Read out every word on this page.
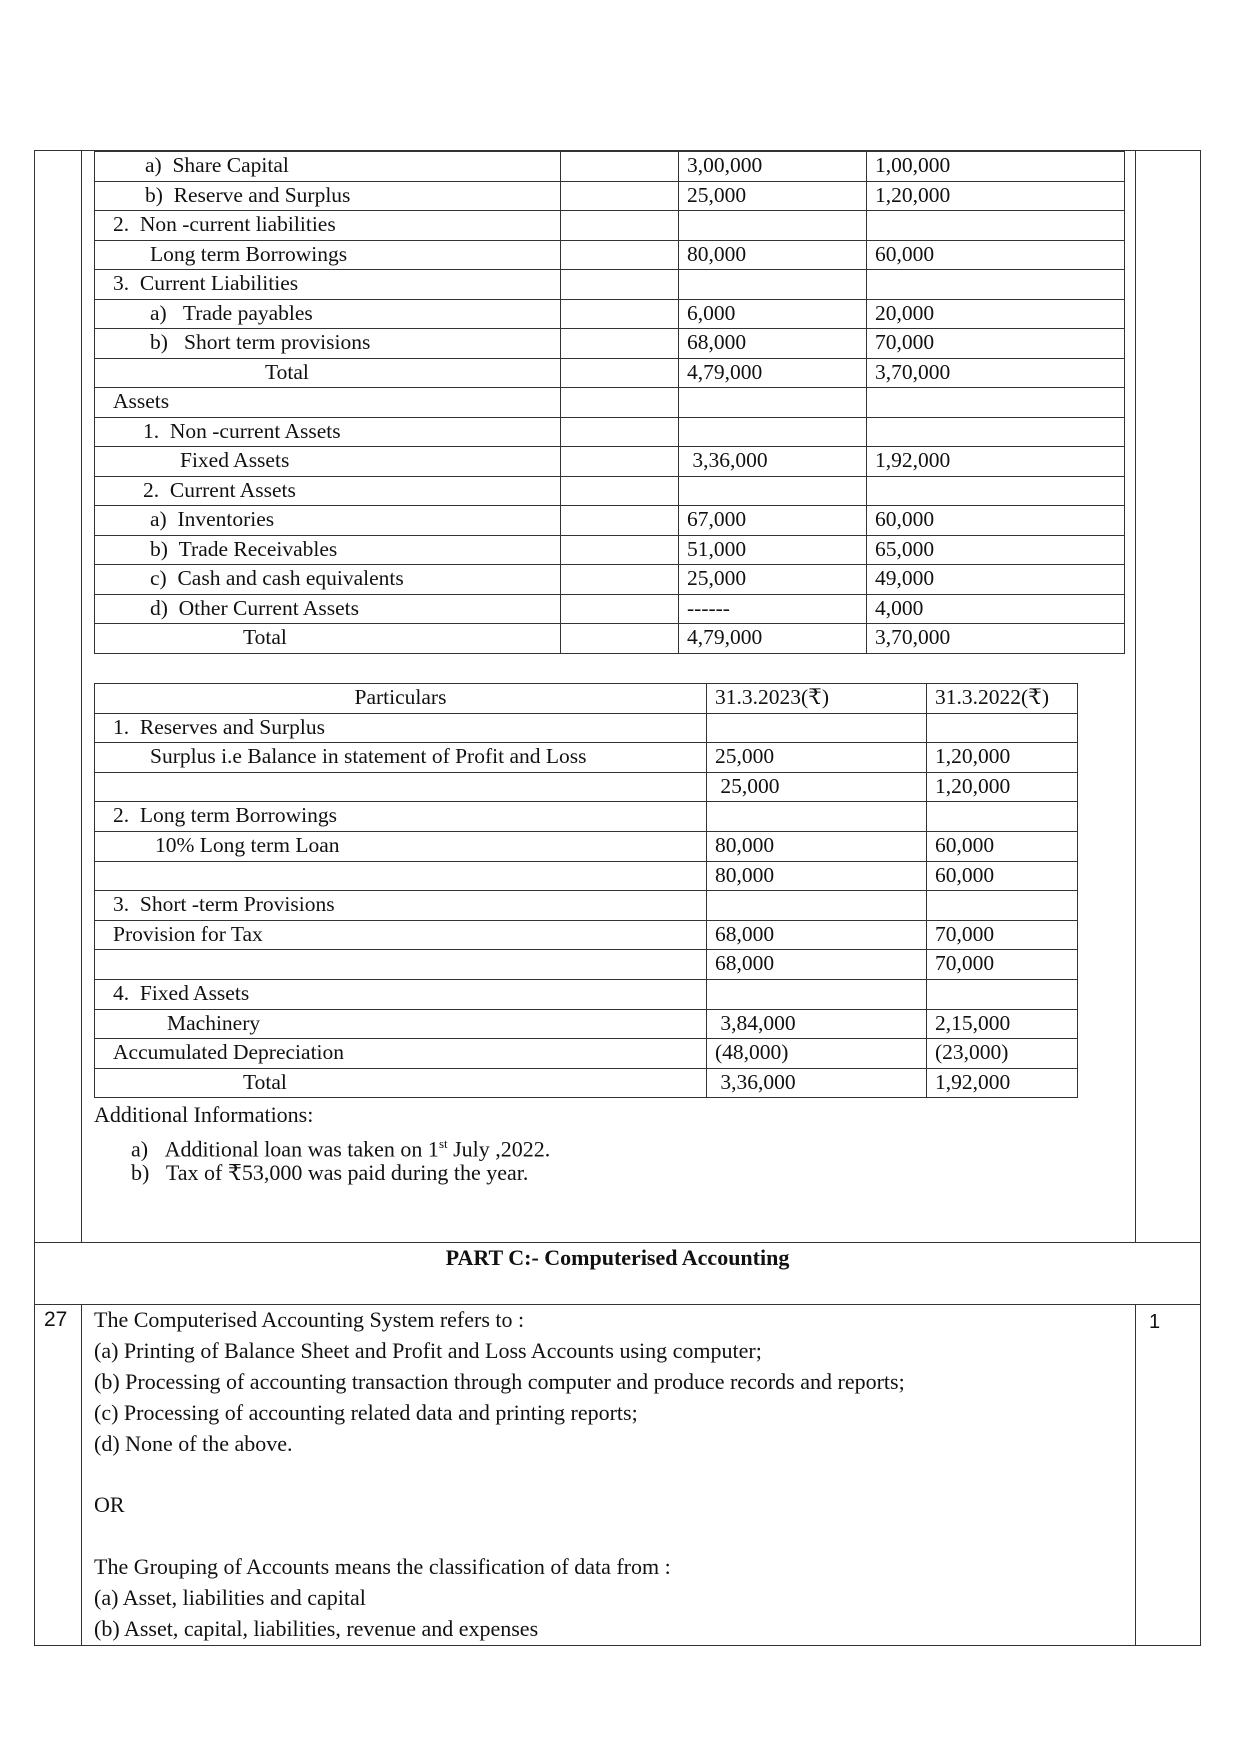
a)  Share Capital		3,00,000	1,00,000
b)  Reserve and Surplus		25,000	1,20,000
2.  Non -current liabilities			
Long term Borrowings		80,000	60,000
3.  Current Liabilities			
a)   Trade payables		6,000	20,000
b)   Short term provisions		68,000	70,000
Total		4,79,000	3,70,000
Assets			
1.  Non -current Assets			
Fixed Assets		3,36,000	1,92,000
2.  Current Assets			
a)  Inventories		67,000	60,000
b)  Trade Receivables		51,000	65,000
c)  Cash and cash equivalents		25,000	49,000
d)  Other Current Assets		------	4,000
Total		4,79,000	3,70,000
Particulars	31.3.2023(₹)	31.3.2022(₹)
1.  Reserves and Surplus		
Surplus i.e Balance in statement of Profit and Loss	25,000	1,20,000
	25,000	1,20,000
2.  Long term Borrowings		
10% Long term Loan	80,000	60,000
	80,000	60,000
3.  Short -term Provisions		
Provision for Tax	68,000	70,000
	68,000	70,000
4.  Fixed Assets		
Machinery	3,84,000	2,15,000
Accumulated Depreciation	(48,000)	(23,000)
Total	3,36,000	1,92,000
Additional Informations:
a)   Additional loan was taken on 1st July ,2022.
b)   Tax of ₹53,000 was paid during the year.
PART C:- Computerised Accounting
27	1
The Computerised Accounting System refers to :
(a) Printing of Balance Sheet and Profit and Loss Accounts using computer;
(b) Processing of accounting transaction through computer and produce records and reports;
(c) Processing of accounting related data and printing reports;
(d) None of the above.
OR
The Grouping of Accounts means the classification of data from :
(a) Asset, liabilities and capital
(b) Asset, capital, liabilities, revenue and expenses
